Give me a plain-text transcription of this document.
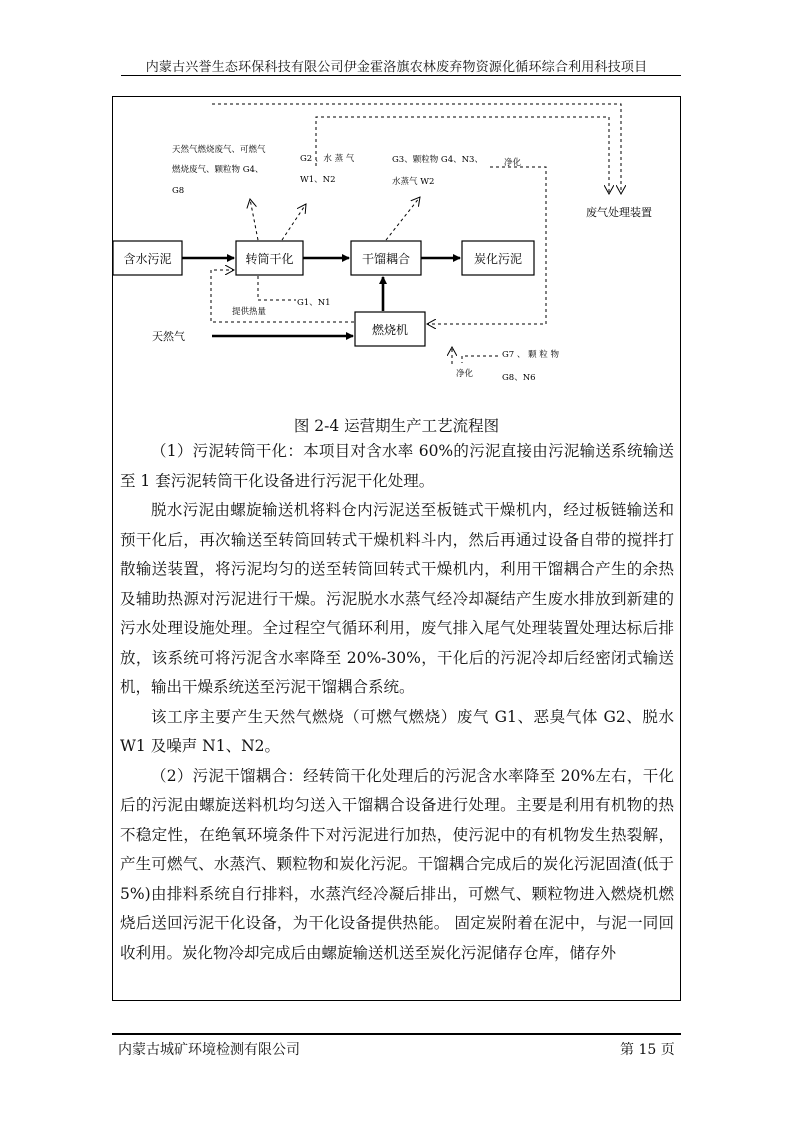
内蒙古兴誉生态环保科技有限公司伊金霍洛旗农林废弃物资源化循环综合利用科技项目
含水污泥	转筒干化	干馏耦合	炭化污泥
燃烧机
废气处理装置
天然气燃烧废气、可燃气
燃烧废气、颗粒物 G4、
G8
G2 、水 蒸 气
W1、N2
G3、颗粒物 G4、N3、
水蒸气 W2
净化
G1、N1
提供热量
天然气
G7 、 颗 粒 物
G8、N6
净化
图 2-4 运营期生产工艺流程图

（1）污泥转筒干化：本项目对含水率 60%的污泥直接由污泥输送系统输送至 1 套污泥转筒干化设备进行污泥干化处理。

脱水污泥由螺旋输送机将料仓内污泥送至板链式干燥机内，经过板链输送和预干化后，再次输送至转筒回转式干燥机料斗内，然后再通过设备自带的搅拌打散输送装置，将污泥均匀的送至转筒回转式干燥机内，利用干馏耦合产生的余热及辅助热源对污泥进行干燥。污泥脱水水蒸气经冷却凝结产生废水排放到新建的污水处理设施处理。全过程空气循环利用，废气排入尾气处理装置处理达标后排放，该系统可将污泥含水率降至 20%-30%，干化后的污泥冷却后经密闭式输送机，输出干燥系统送至污泥干馏耦合系统。

该工序主要产生天然气燃烧（可燃气燃烧）废气 G1、恶臭气体 G2、脱水 W1 及噪声 N1、N2。

（2）污泥干馏耦合：经转筒干化处理后的污泥含水率降至 20%左右，干化后的污泥由螺旋送料机均匀送入干馏耦合设备进行处理。主要是利用有机物的热不稳定性，在绝氧环境条件下对污泥进行加热，使污泥中的有机物发生热裂解，产生可燃气、水蒸汽、颗粒物和炭化污泥。干馏耦合完成后的炭化污泥固渣(低于 5%)由排料系统自行排料，水蒸汽经冷凝后排出，可燃气、颗粒物进入燃烧机燃烧后送回污泥干化设备，为干化设备提供热能。 固定炭附着在泥中，与泥一同回收利用。炭化物冷却完成后由螺旋输送机送至炭化污泥储存仓库，储存外

内蒙古城矿环境检测有限公司	第 15 页
